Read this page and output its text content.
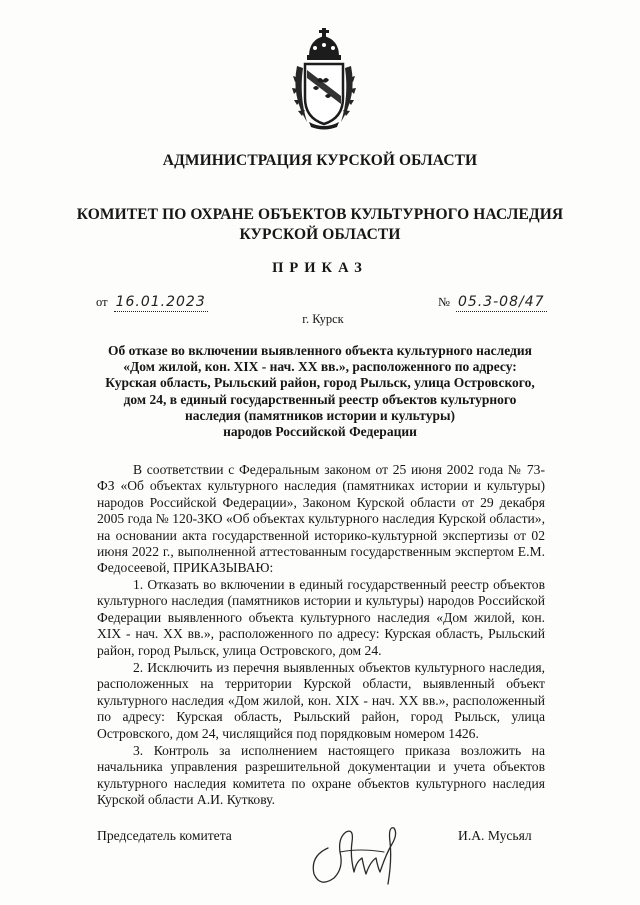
АДМИНИСТРАЦИЯ КУРСКОЙ ОБЛАСТИ
КОМИТЕТ ПО ОХРАНЕ ОБЪЕКТОВ КУЛЬТУРНОГО НАСЛЕДИЯ
КУРСКОЙ ОБЛАСТИ
ПРИКАЗ
от 16.01.2023	№ 05.3-08/47
г. Курск
Об отказе во включении выявленного объекта культурного наследия
«Дом жилой, кон. XIX - нач. XX вв.», расположенного по адресу:
Курская область, Рыльский район, город Рыльск, улица Островского,
дом 24, в единый государственный реестр объектов культурного
наследия (памятников истории и культуры)
народов Российской Федерации
В соответствии с Федеральным законом от 25 июня 2002 года № 73-ФЗ «Об объектах культурного наследия (памятниках истории и культуры) народов Российской Федерации», Законом Курской области от 29 декабря 2005 года № 120-ЗКО «Об объектах культурного наследия Курской области», на основании акта государственной историко-культурной экспертизы от 02 июня 2022 г., выполненной аттестованным государственным экспертом Е.М. Федосеевой, ПРИКАЗЫВАЮ:
1. Отказать во включении в единый государственный реестр объектов культурного наследия (памятников истории и культуры) народов Российской Федерации выявленного объекта культурного наследия «Дом жилой, кон. XIX - нач. XX вв.», расположенного по адресу: Курская область, Рыльский район, город Рыльск, улица Островского, дом 24.
2. Исключить из перечня выявленных объектов культурного наследия, расположенных на территории Курской области, выявленный объект культурного наследия «Дом жилой, кон. XIX - нач. XX вв.», расположенный по адресу: Курская область, Рыльский район, город Рыльск, улица Островского, дом 24, числящийся под порядковым номером 1426.
3. Контроль за исполнением настоящего приказа возложить на начальника управления разрешительной документации и учета объектов культурного наследия комитета по охране объектов культурного наследия Курской области А.И. Куткову.
Председатель комитета	И.А. Мусьял
